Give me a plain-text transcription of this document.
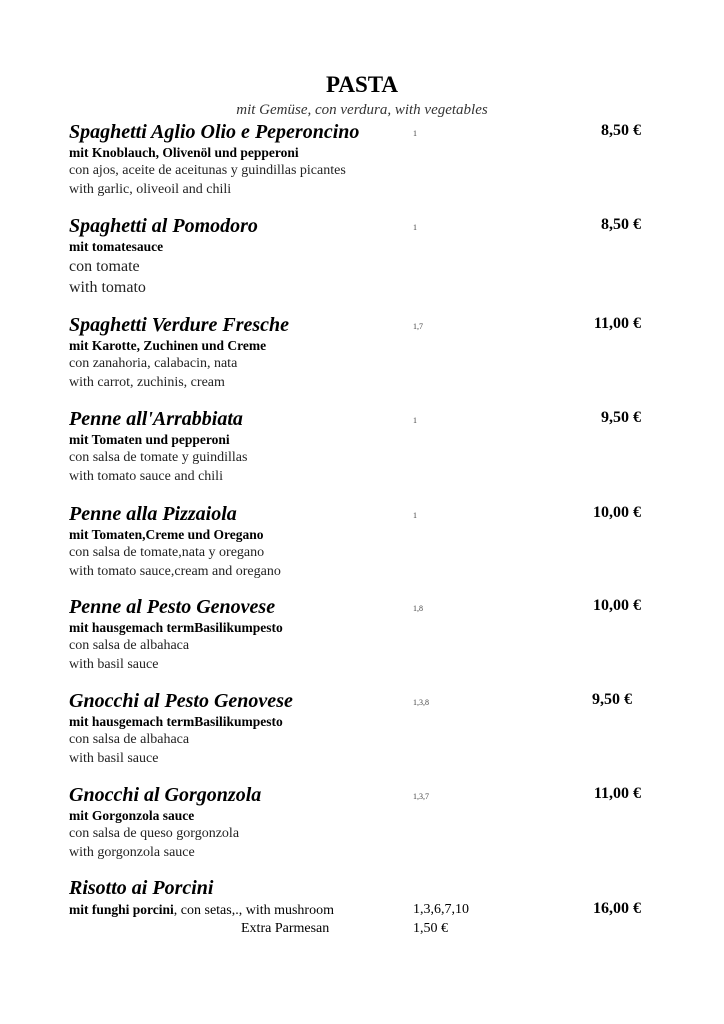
PASTA
mit Gemüse, con verdura, with vegetables
Spaghetti Aglio Olio e Peperoncino
mit Knoblauch, Olivenöl und pepperoni
con ajos, aceite de aceitunas y guindillas picantes
with garlic, oliveoil and chili
1	8,50 €
Spaghetti al Pomodoro
mit tomatesauce
con tomate
with tomato
1	8,50 €
Spaghetti Verdure Fresche
mit Karotte, Zuchinen und Creme
con zanahoria, calabacin, nata
with carrot, zuchinis, cream
1,7	11,00 €
Penne all'Arrabbiata
mit Tomaten und pepperoni
con salsa de tomate y guindillas
with tomato sauce and chili
1	9,50 €
Penne alla Pizzaiola
mit Tomaten,Creme und Oregano
con salsa de tomate,nata y oregano
with tomato sauce,cream and oregano
1	10,00 €
Penne al Pesto Genovese
mit hausgemach termBasilikumpesto
con salsa de albahaca
with basil sauce
1,8	10,00 €
Gnocchi al Pesto Genovese
mit hausgemach termBasilikumpesto
con salsa de albahaca
with basil sauce
1,3,8	9,50 €
Gnocchi al Gorgonzola
mit Gorgonzola sauce
con salsa de queso gorgonzola
with gorgonzola sauce
1,3,7	11,00 €
Risotto ai Porcini
mit funghi porcini, con setas,., with mushroom	1,3,6,7,10	16,00 €
Extra Parmesan	1,50 €
